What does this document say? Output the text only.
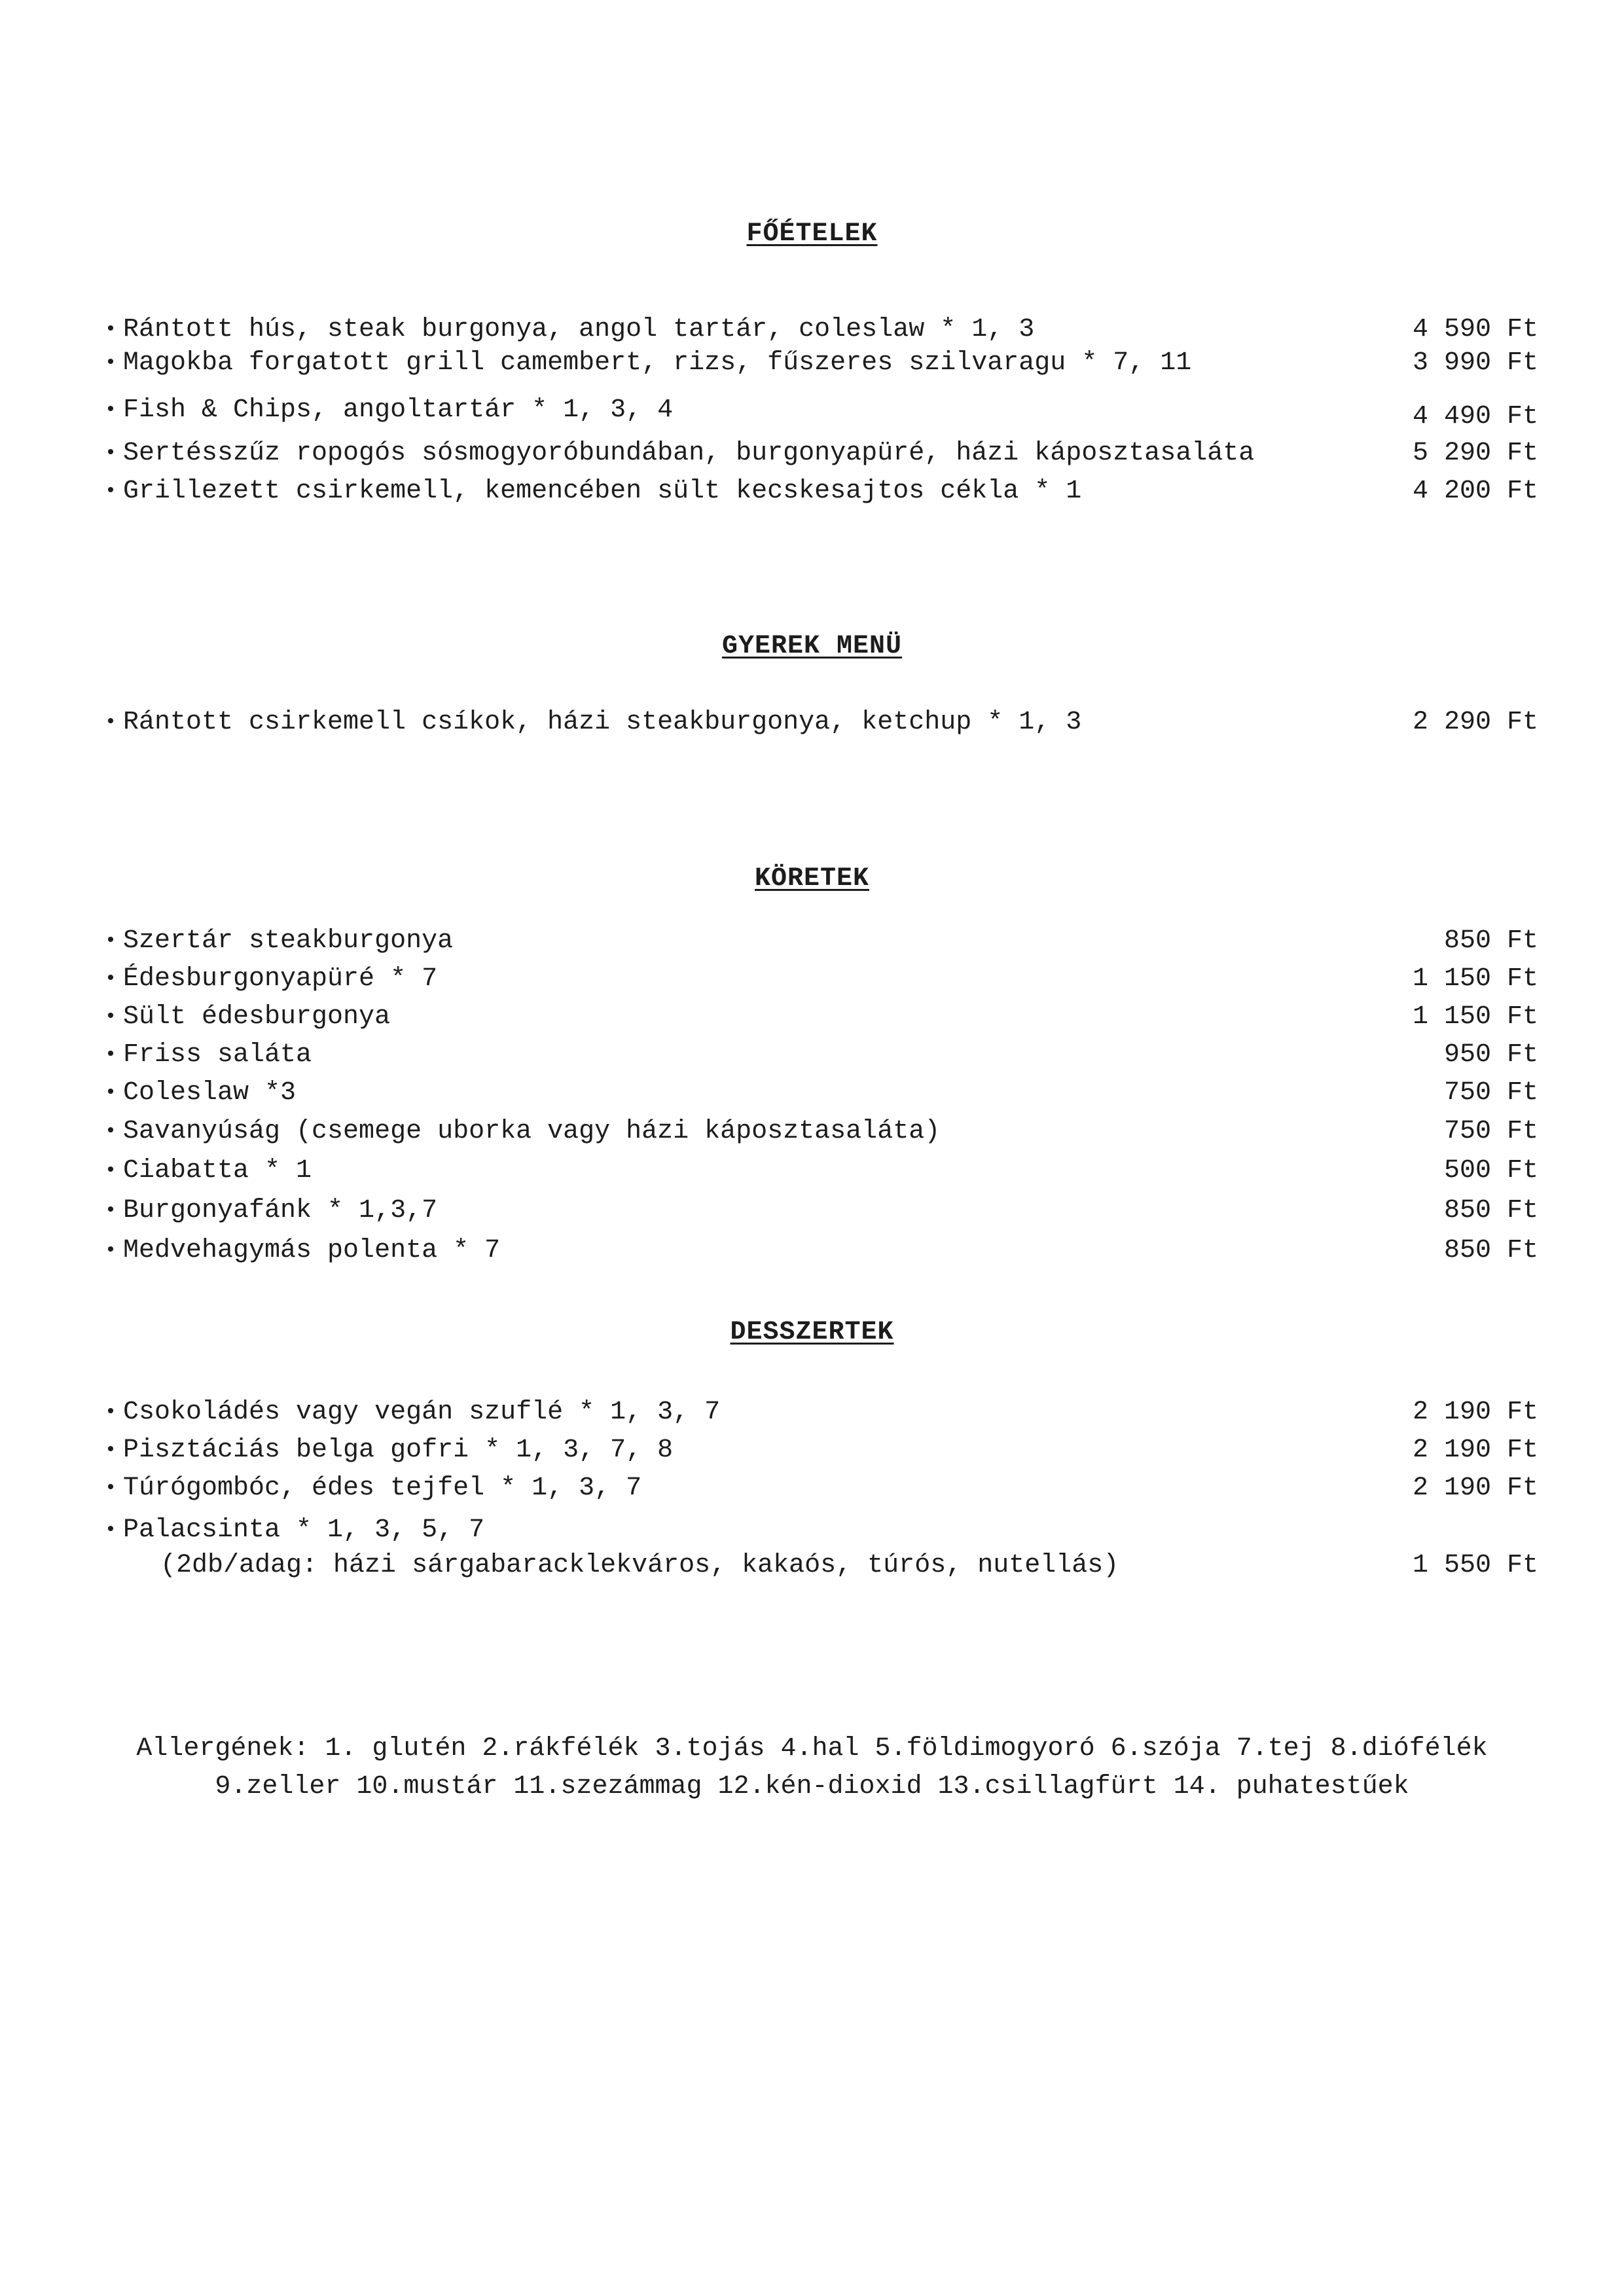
FŐÉTELEK
• Rántott hús, steak burgonya, angol tartár, coleslaw * 1, 3	4 590 Ft
• Magokba forgatott grill camembert, rizs, fűszeres szilvaragu * 7, 11	3 990 Ft
• Fish & Chips, angoltartár * 1, 3, 4	4 490 Ft
• Sertésszűz ropogós sósmogyoróbundában, burgonyapüré, házi káposztasaláta	5 290 Ft
• Grillezett csirkemell, kemencében sült kecskesajtos cékla * 1	4 200 Ft
GYEREK MENÜ
• Rántott csirkemell csíkok, házi steakburgonya, ketchup * 1, 3	2 290 Ft
KÖRETEK
• Szertár steakburgonya	850 Ft
• Édesburgonyapüré * 7	1 150 Ft
• Sült édesburgonya	1 150 Ft
• Friss saláta	950 Ft
• Coleslaw *3	750 Ft
• Savanyúság (csemege uborka vagy házi káposztasaláta)	750 Ft
• Ciabatta * 1	500 Ft
• Burgonyafánk * 1,3,7	850 Ft
• Medvehagymás polenta * 7	850 Ft
DESSZERTEK
• Csokoládés vagy vegán szuflé * 1, 3, 7	2 190 Ft
• Pisztáciás belga gofri * 1, 3, 7, 8	2 190 Ft
• Túrógombóc, édes tejfel * 1, 3, 7	2 190 Ft
• Palacsinta * 1, 3, 5, 7
(2db/adag: házi sárgabaracklekváros, kakaós, túrós, nutellás)	1 550 Ft
Allergének: 1. glutén 2.rákfélék 3.tojás 4.hal 5.földimogyoró 6.szója 7.tej 8.diófélék
9.zeller 10.mustár 11.szezámmag 12.kén-dioxid 13.csillagfürt 14. puhatestűek
